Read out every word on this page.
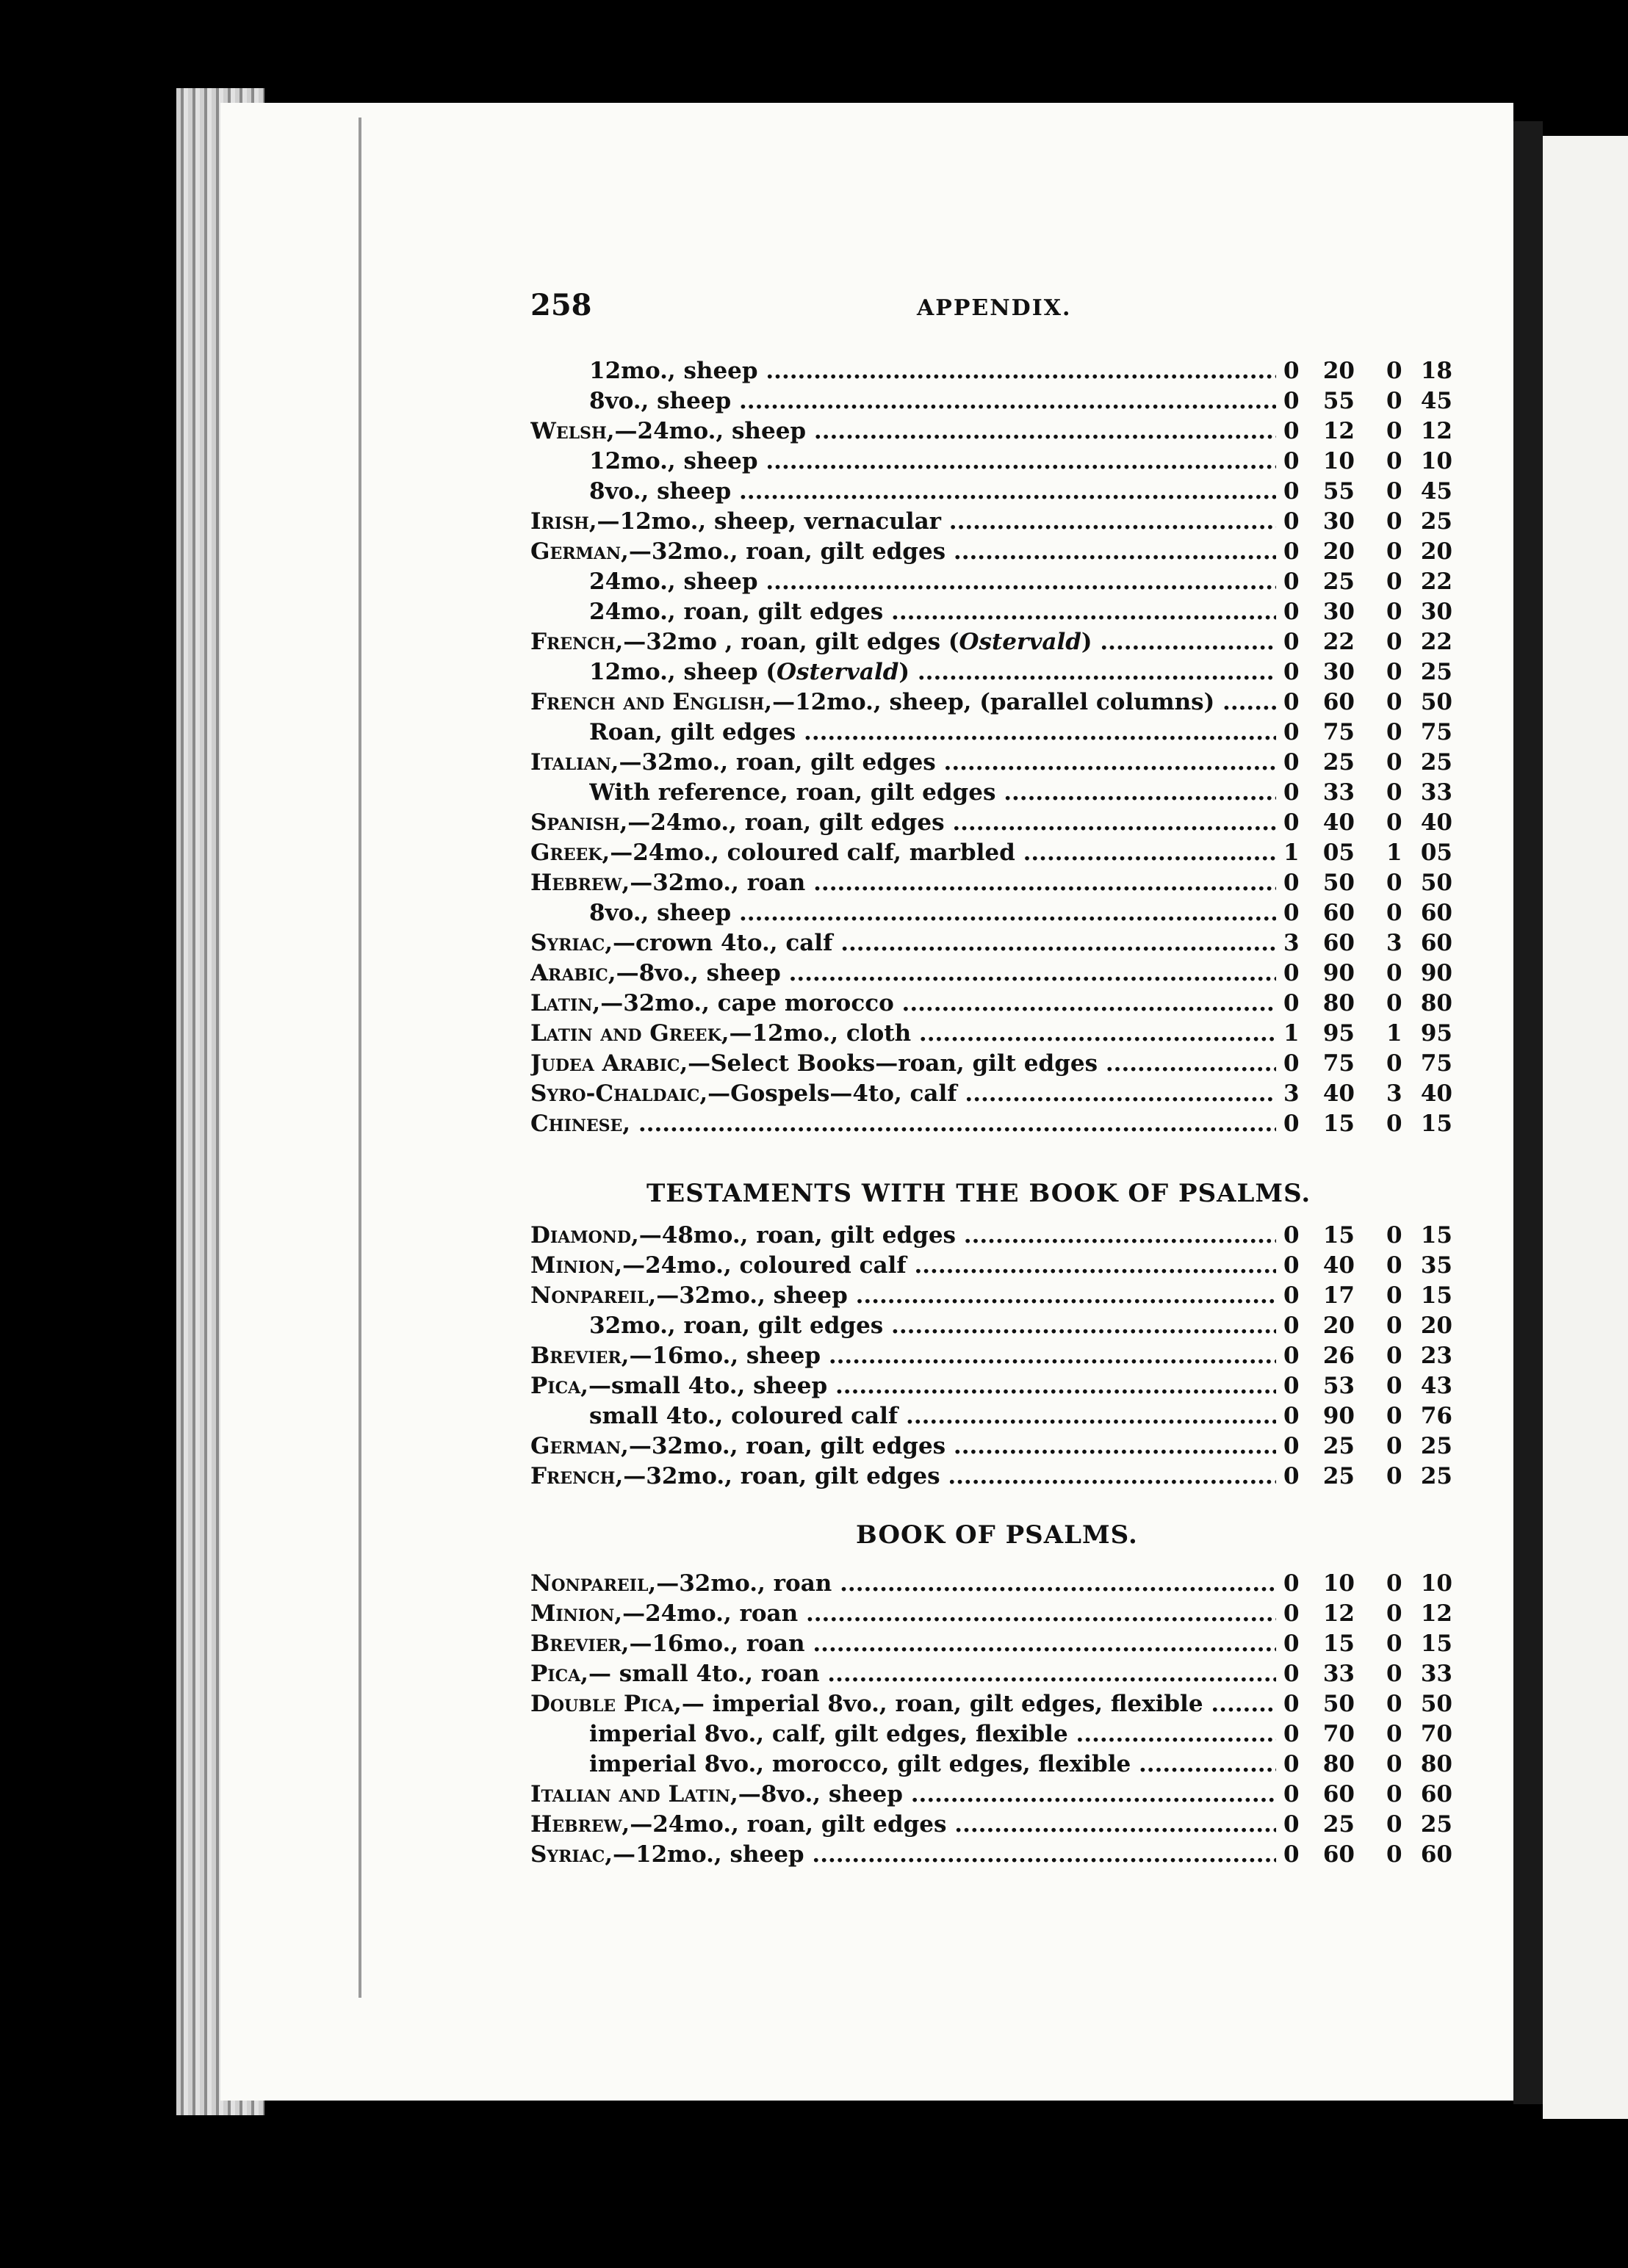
258	APPENDIX.
12mo., sheep .....	0	20 0 18
8vo., sheep .....	0	55 0 45
Welsh,—24mo., sheep .....	0	12 0 12
12mo., sheep .....	0	10 0 10
8vo., sheep .....	0	55 0 45
Irish,—12mo., sheep, vernacular .....	0	30 0 25
German,—32mo., roan, gilt edges .....	0	20 0 20
24mo., sheep .....	0	25 0 22
24mo., roan, gilt edges .....	0	30 0 30
French,—32mo , roan, gilt edges (Ostervald) .....	0	22 0 22
12mo., sheep (Ostervald) .....	0	30 0 25
French and English,—12mo., sheep, (parallel columns) .....	0	60 0 50
Roan, gilt edges .....	0	75 0 75
Italian,—32mo., roan, gilt edges .....	0	25 0 25
With reference, roan, gilt edges .....	0	33 0 33
Spanish,—24mo., roan, gilt edges .....	0	40 0 40
Greek,—24mo., coloured calf, marbled .....	1	05 1 05
Hebrew,—32mo., roan .....	0	50 0 50
8vo., sheep .....	0	60 0 60
Syriac,—crown 4to., calf .....	3	60 3 60
Arabic,—8vo., sheep .....	0	90 0 90
Latin,—32mo., cape morocco .....	0	80 0 80
Latin and Greek,—12mo., cloth .....	1	95 1 95
Judea Arabic,—Select Books—roan, gilt edges .....	0	75 0 75
Syro-Chaldaic,—Gospels—4to, calf .....	3	40 3 40
Chinese, .....	0	15 0 15
TESTAMENTS WITH THE BOOK OF PSALMS.
Diamond,—48mo., roan, gilt edges .....	0	15 0 15
Minion,—24mo., coloured calf .....	0	40 0 35
Nonpareil,—32mo., sheep .....	0	17 0 15
32mo., roan, gilt edges .....	0	20 0 20
Brevier,—16mo., sheep .....	0	26 0 23
Pica,—small 4to., sheep .....	0	53 0 43
small 4to., coloured calf .....	0	90 0 76
German,—32mo., roan, gilt edges .....	0	25 0 25
French,—32mo., roan, gilt edges .....	0	25 0 25
BOOK OF PSALMS.
Nonpareil,—32mo., roan .....	0	10 0 10
Minion,—24mo., roan .....	0	12 0 12
Brevier,—16mo., roan .....	0	15 0 15
Pica,— small 4to., roan .....	0	33 0 33
Double Pica,— imperial 8vo., roan, gilt edges, flexible .....	0	50 0 50
imperial 8vo., calf, gilt edges, flexible .....	0	70 0 70
imperial 8vo., morocco, gilt edges, flexible .....	0	80 0 80
Italian and Latin,—8vo., sheep .....	0	60 0 60
Hebrew,—24mo., roan, gilt edges .....	0	25 0 25
Syriac,—12mo., sheep .....	0	60 0 60
